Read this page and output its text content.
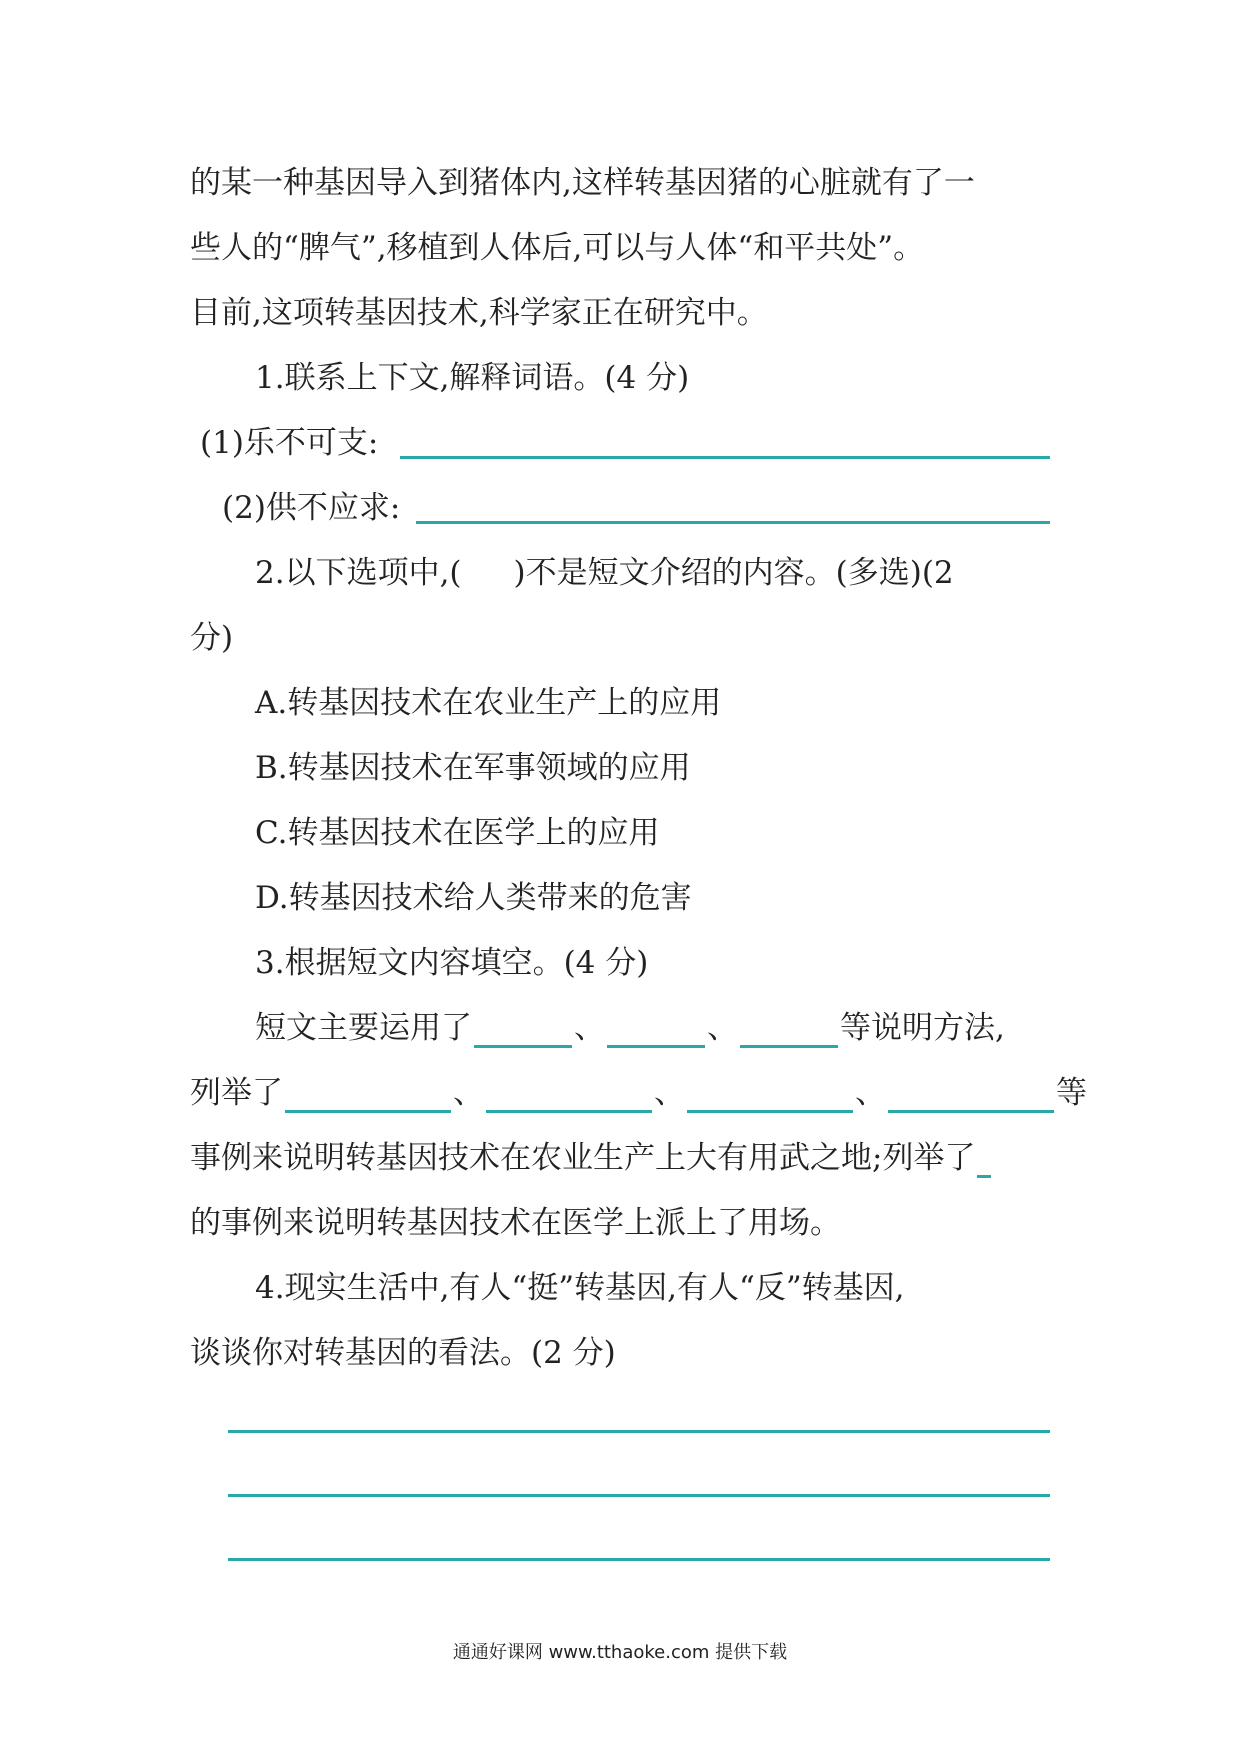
的某一种基因导入到猪体内,这样转基因猪的心脏就有了一
些人的“脾气”,移植到人体后,可以与人体“和平共处”。
目前,这项转基因技术,科学家正在研究中。
1.联系上下文,解释词语。(4 分)
(1)乐不可支:
(2)供不应求:
2.以下选项中,( )不是短文介绍的内容。(多选)(2
分)
A.转基因技术在农业生产上的应用
B.转基因技术在军事领域的应用
C.转基因技术在医学上的应用
D.转基因技术给人类带来的危害
3.根据短文内容填空。(4 分)
短文主要运用了	、	、	等说明方法,
列举了	、	、	、	等
事例来说明转基因技术在农业生产上大有用武之地;列举了
的事例来说明转基因技术在医学上派上了用场。
4.现实生活中,有人“挺”转基因,有人“反”转基因,
谈谈你对转基因的看法。(2 分)
通通好课网 www.tthaoke.com 提供下载
